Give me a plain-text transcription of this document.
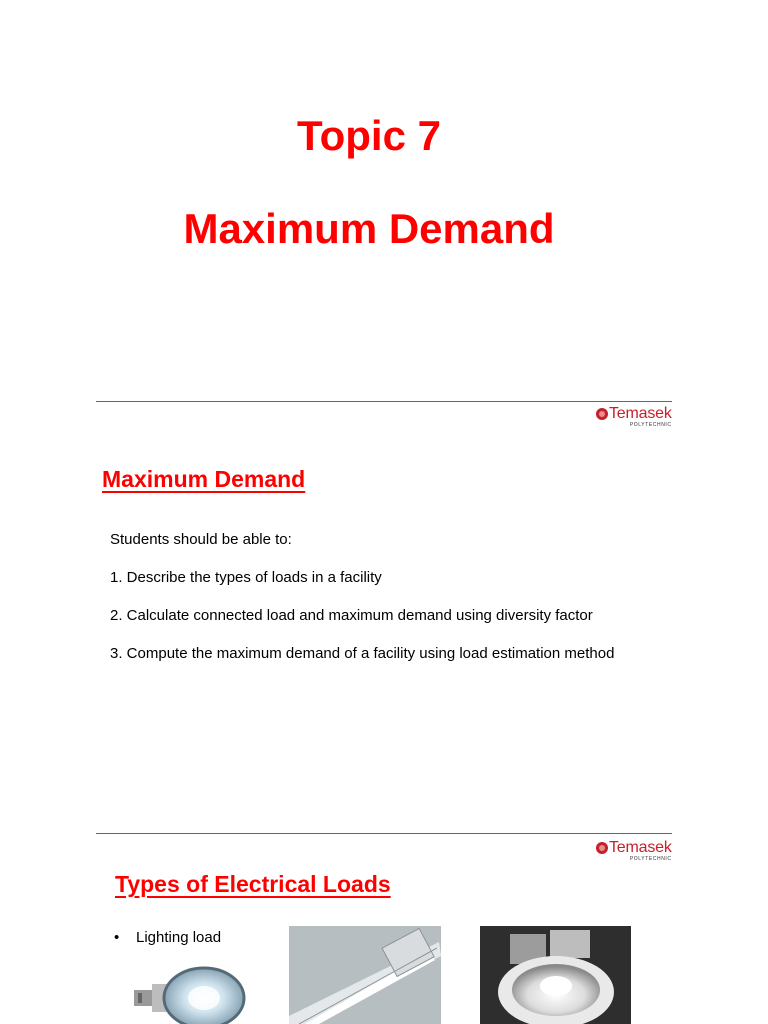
Topic 7
Maximum Demand
Temasek
POLYTECHNIC
Maximum Demand
Students should be able to:
1. Describe the types of loads in a facility
2. Calculate connected load and maximum demand using diversity factor
3. Compute the maximum demand of a facility using load estimation method
Temasek
POLYTECHNIC
Types of Electrical Loads
•	Lighting load
